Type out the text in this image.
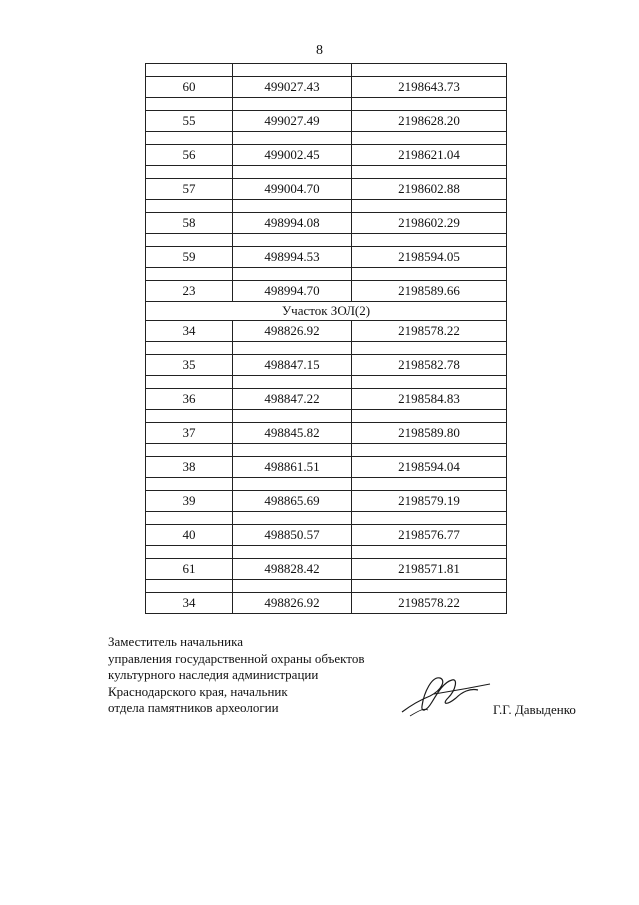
8

60	499027.43	2198643.73

55	499027.49	2198628.20

56	499002.45	2198621.04

57	499004.70	2198602.88

58	498994.08	2198602.29

59	498994.53	2198594.05

23	498994.70	2198589.66
Участок ЗОЛ(2)		
34	498826.92	2198578.22

35	498847.15	2198582.78

36	498847.22	2198584.83

37	498845.82	2198589.80

38	498861.51	2198594.04

39	498865.69	2198579.19

40	498850.57	2198576.77

61	498828.42	2198571.81

34	498826.92	2198578.22
Заместитель начальника
управления государственной охраны объектов
культурного наследия администрации
Краснодарского края, начальник
отдела памятников археологии	Г.Г. Давыденко
